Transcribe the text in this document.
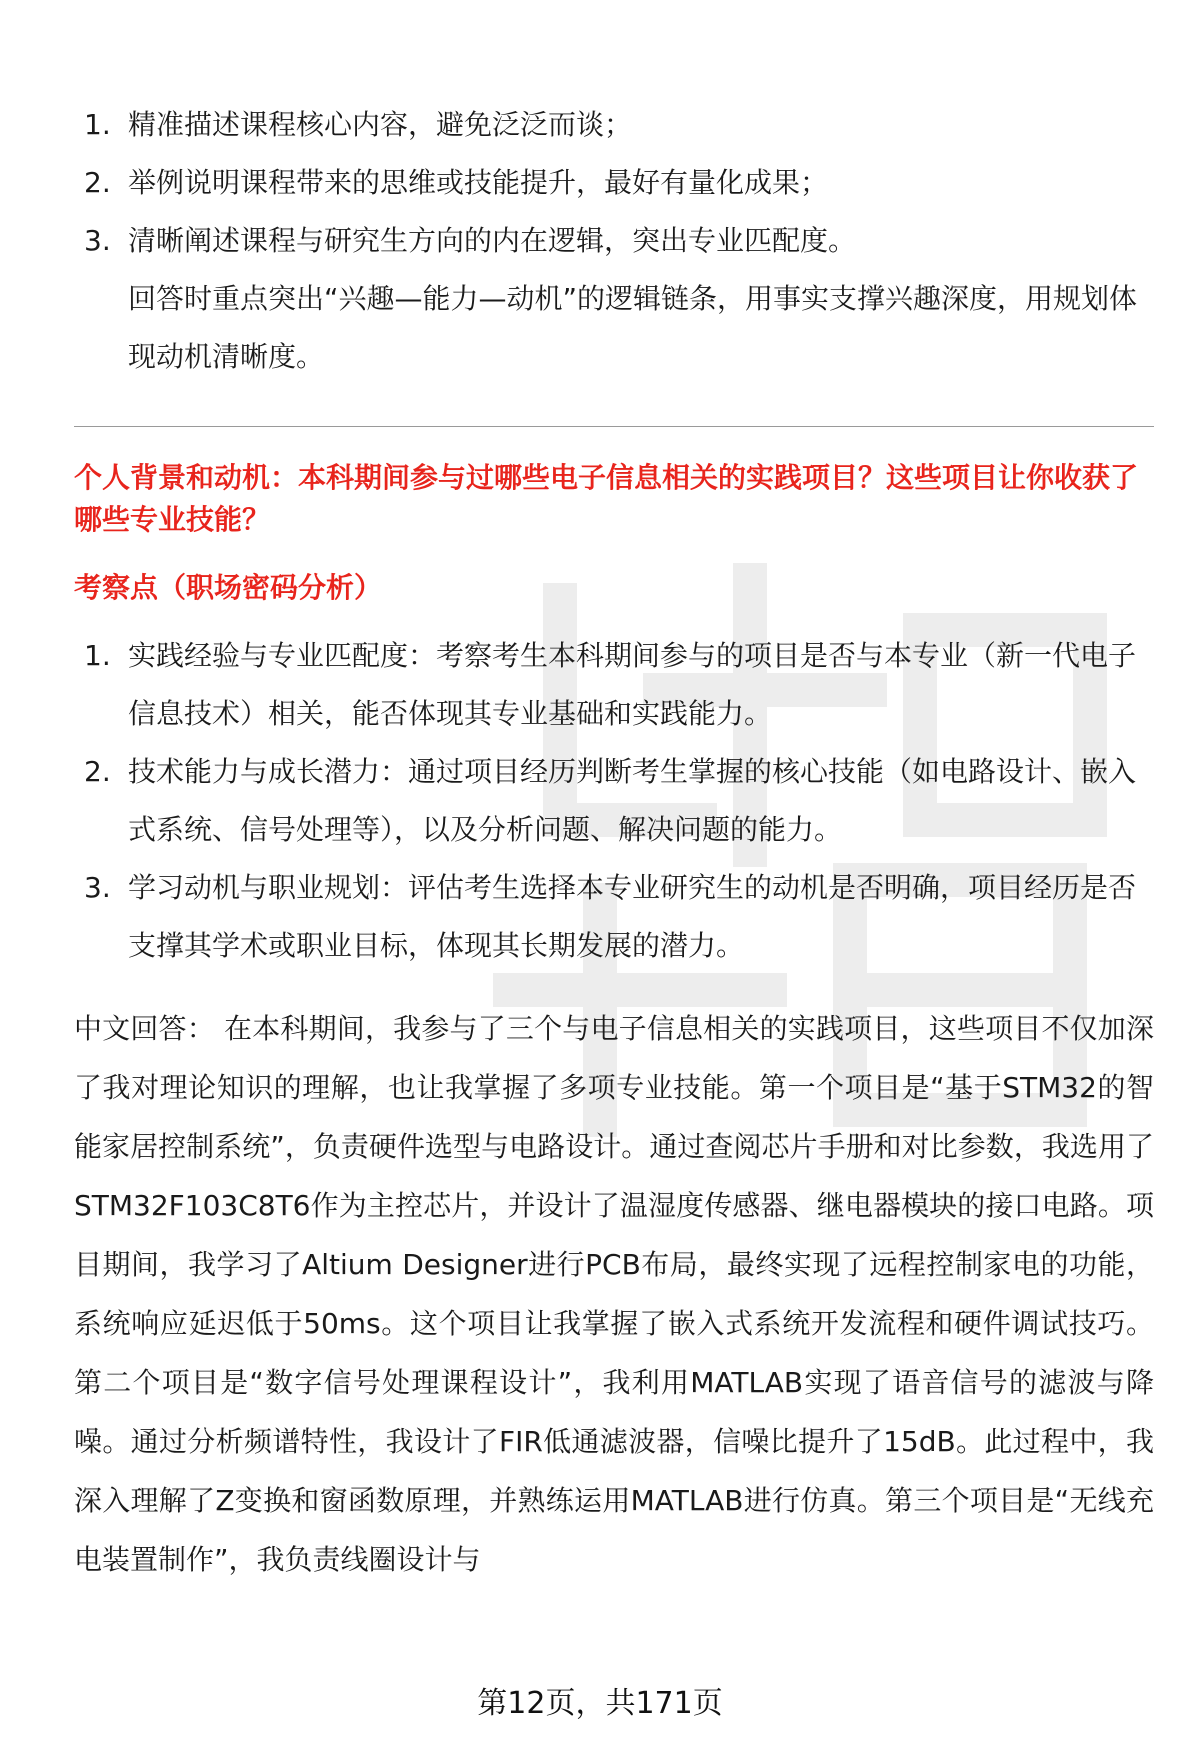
1. 精准描述课程核心内容，避免泛泛而谈；
2. 举例说明课程带来的思维或技能提升，最好有量化成果；
3. 清晰阐述课程与研究生方向的内在逻辑，突出专业匹配度。

回答时重点突出“兴趣—能力—动机”的逻辑链条，用事实支撑兴趣深度，用规划体现动机清晰度。

个人背景和动机：本科期间参与过哪些电子信息相关的实践项目？这些项目让你收获了哪些专业技能？

考察点（职场密码分析）

1. 实践经验与专业匹配度：考察考生本科期间参与的项目是否与本专业（新一代电子信息技术）相关，能否体现其专业基础和实践能力。
2. 技术能力与成长潜力：通过项目经历判断考生掌握的核心技能（如电路设计、嵌入式系统、信号处理等），以及分析问题、解决问题的能力。
3. 学习动机与职业规划：评估考生选择本专业研究生的动机是否明确，项目经历是否支撑其学术或职业目标，体现其长期发展的潜力。

中文回答： 在本科期间，我参与了三个与电子信息相关的实践项目，这些项目不仅加深了我对理论知识的理解，也让我掌握了多项专业技能。第一个项目是“基于STM32的智能家居控制系统”，负责硬件选型与电路设计。通过查阅芯片手册和对比参数，我选用了STM32F103C8T6作为主控芯片，并设计了温湿度传感器、继电器模块的接口电路。项目期间，我学习了Altium Designer进行PCB布局，最终实现了远程控制家电的功能，系统响应延迟低于50ms。这个项目让我掌握了嵌入式系统开发流程和硬件调试技巧。第二个项目是“数字信号处理课程设计”，我利用MATLAB实现了语音信号的滤波与降噪。通过分析频谱特性，我设计了FIR低通滤波器，信噪比提升了15dB。此过程中，我深入理解了Z变换和窗函数原理，并熟练运用MATLAB进行仿真。第三个项目是“无线充电装置制作”，我负责线圈设计与

第12页，共171页
